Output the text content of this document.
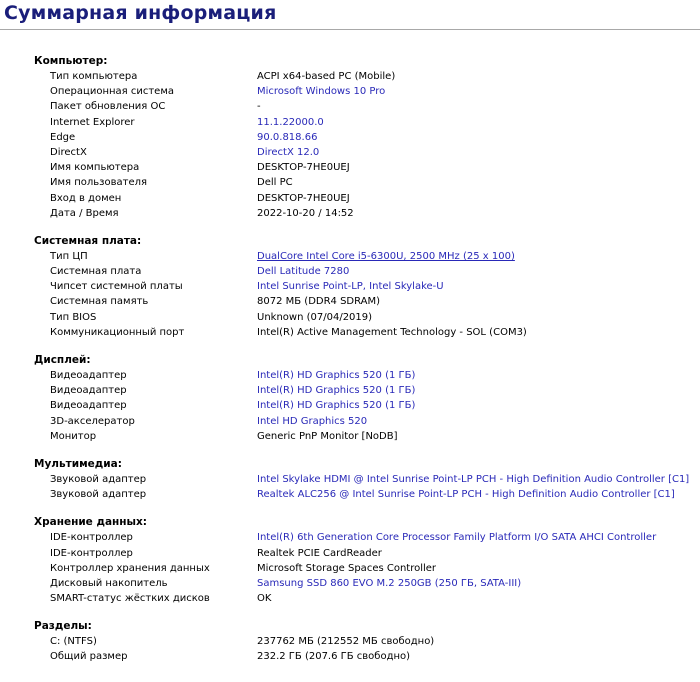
Суммарная информация
Компьютер:
Тип компьютера	ACPI x64-based PC (Mobile)
Операционная система	Microsoft Windows 10 Pro
Пакет обновления ОС	-
Internet Explorer	11.1.22000.0
Edge	90.0.818.66
DirectX	DirectX 12.0
Имя компьютера	DESKTOP-7HE0UEJ
Имя пользователя	Dell PC
Вход в домен	DESKTOP-7HE0UEJ
Дата / Время	2022-10-20 / 14:52
Системная плата:
Тип ЦП	DualCore Intel Core i5-6300U, 2500 MHz (25 x 100)
Системная плата	Dell Latitude 7280
Чипсет системной платы	Intel Sunrise Point-LP, Intel Skylake-U
Системная память	8072 МБ (DDR4 SDRAM)
Тип BIOS	Unknown (07/04/2019)
Коммуникационный порт	Intel(R) Active Management Technology - SOL (COM3)
Дисплей:
Видеоадаптер	Intel(R) HD Graphics 520 (1 ГБ)
Видеоадаптер	Intel(R) HD Graphics 520 (1 ГБ)
Видеоадаптер	Intel(R) HD Graphics 520 (1 ГБ)
3D-акселератор	Intel HD Graphics 520
Монитор	Generic PnP Monitor [NoDB]
Мультимедиа:
Звуковой адаптер	Intel Skylake HDMI @ Intel Sunrise Point-LP PCH - High Definition Audio Controller [C1]
Звуковой адаптер	Realtek ALC256 @ Intel Sunrise Point-LP PCH - High Definition Audio Controller [C1]
Хранение данных:
IDE-контроллер	Intel(R) 6th Generation Core Processor Family Platform I/O SATA AHCI Controller
IDE-контроллер	Realtek PCIE CardReader
Контроллер хранения данных	Microsoft Storage Spaces Controller
Дисковый накопитель	Samsung SSD 860 EVO M.2 250GB (250 ГБ, SATA-III)
SMART-статус жёстких дисков	OK
Разделы:
C: (NTFS)	237762 МБ (212552 МБ свободно)
Общий размер	232.2 ГБ (207.6 ГБ свободно)
